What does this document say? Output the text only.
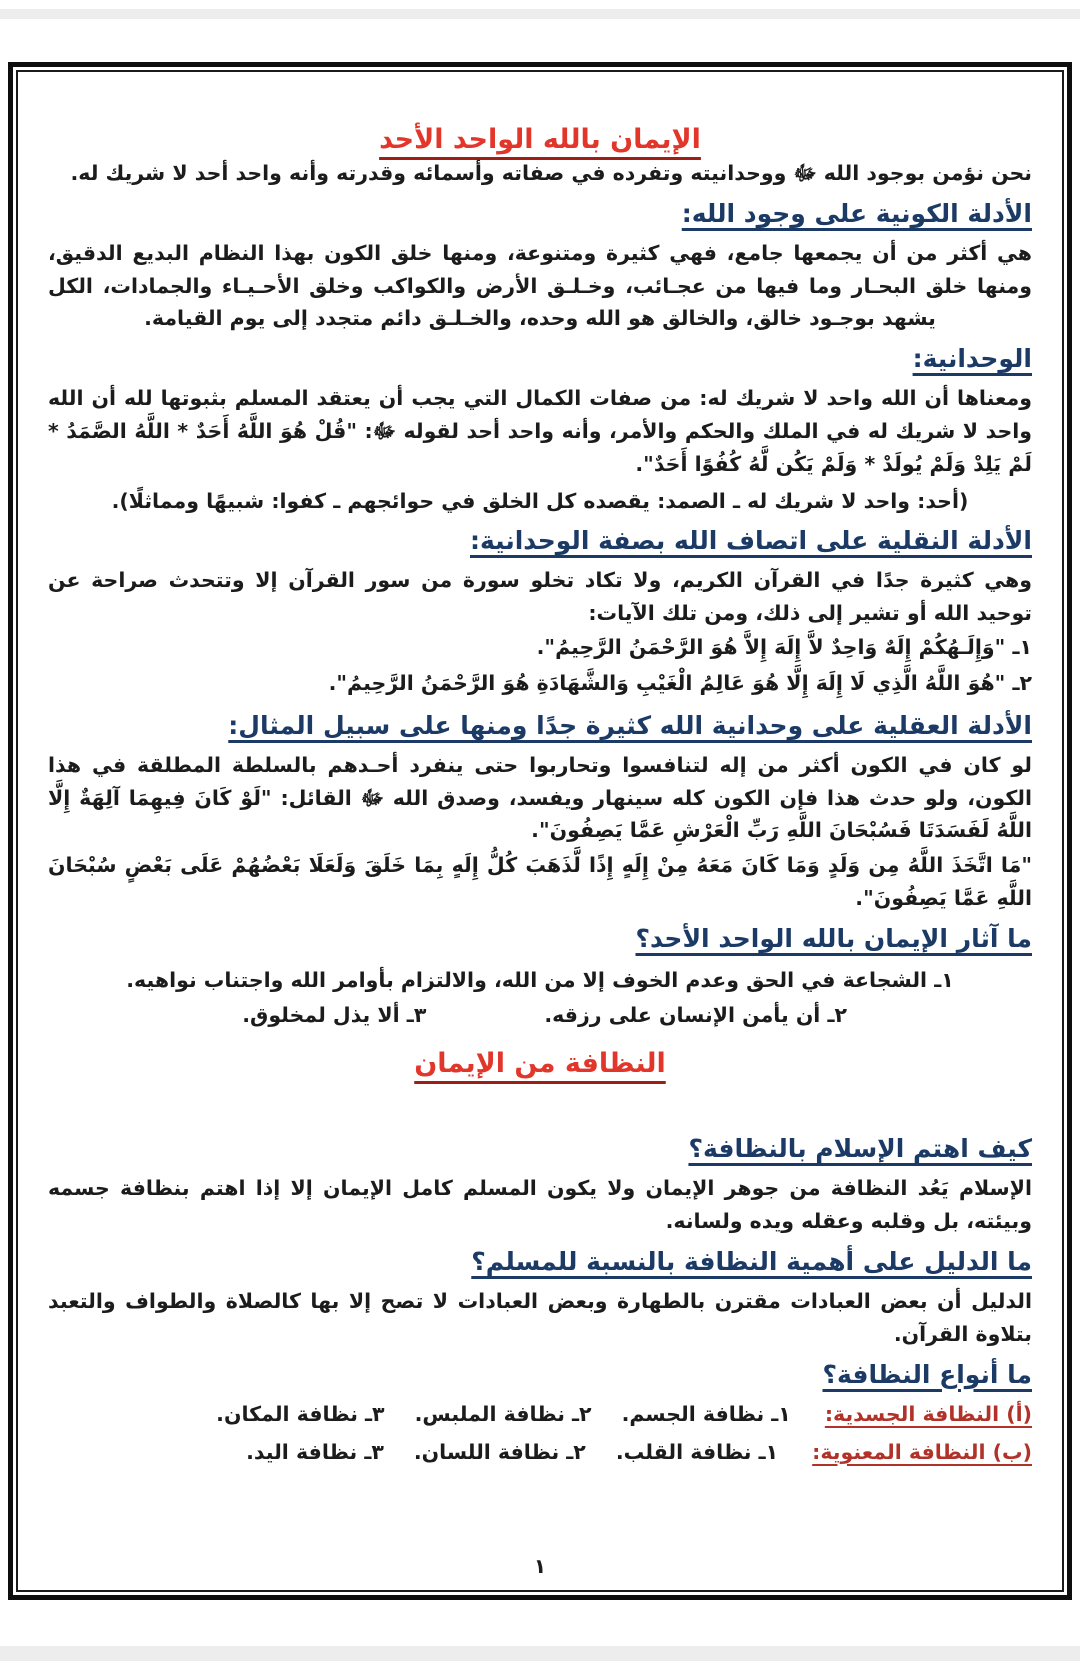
الإيمان بالله الواحد الأحد

نحن نؤمن بوجود الله ﷻ ووحدانيته وتفرده في صفاته وأسمائه وقدرته وأنه واحد أحد لا شريك له.

الأدلة الكونية على وجود الله:

هي أكثر من أن يجمعها جامع، فهي كثيرة ومتنوعة، ومنها خلق الكون بهذا النظام البديع الدقيق، ومنها خلق البحـار وما فيها من عجـائب، وخـلـق الأرض والكواكب وخلق الأحـيـاء والجمادات، الكل يشهد بوجـود خالق، والخالق هو الله وحده، والخـلـق دائم متجدد إلى يوم القيامة.

الوحدانية:

ومعناها أن الله واحد لا شريك له: من صفات الكمال التي يجب أن يعتقد المسلم بثبوتها لله أن الله واحد لا شريك له في الملك والحكم والأمر، وأنه واحد أحد لقوله ﷻ: "قُلْ هُوَ اللَّهُ أَحَدٌ * اللَّهُ الصَّمَدُ * لَمْ يَلِدْ وَلَمْ يُولَدْ * وَلَمْ يَكُن لَّهُ كُفُوًا أَحَدٌ".

(أحد: واحد لا شريك له ـ الصمد: يقصده كل الخلق في حوائجهم ـ كفوا: شبيهًا ومماثلًا).

الأدلة النقلية على اتصاف الله بصفة الوحدانية:

وهي كثيرة جدًا في القرآن الكريم، ولا تكاد تخلو سورة من سور القرآن إلا وتتحدث صراحة عن توحيد الله أو تشير إلى ذلك، ومن تلك الآيات:

١ـ "وَإِلَـهُكُمْ إِلَهٌ وَاحِدٌ لاَّ إِلَهَ إِلاَّ هُوَ الرَّحْمَنُ الرَّحِيمُ".

٢ـ "هُوَ اللَّهُ الَّذِي لَا إِلَهَ إِلَّا هُوَ عَالِمُ الْغَيْبِ وَالشَّهَادَةِ هُوَ الرَّحْمَنُ الرَّحِيمُ".

الأدلة العقلية على وحدانية الله كثيرة جدًا ومنها على سبيل المثال:

لو كان في الكون أكثر من إله لتنافسوا وتحاربوا حتى ينفرد أحـدهم بالسلطة المطلقة في هذا الكون، ولو حدث هذا فإن الكون كله سينهار ويفسد، وصدق الله ﷻ القائل: "لَوْ كَانَ فِيهِمَا آلِهَةٌ إِلَّا اللَّهُ لَفَسَدَتَا فَسُبْحَانَ اللَّهِ رَبِّ الْعَرْشِ عَمَّا يَصِفُونَ".

"مَا اتَّخَذَ اللَّهُ مِن وَلَدٍ وَمَا كَانَ مَعَهُ مِنْ إِلَهٍ إِذًا لَّذَهَبَ كُلُّ إِلَهٍ بِمَا خَلَقَ وَلَعَلَا بَعْضُهُمْ عَلَى بَعْضٍ سُبْحَانَ اللَّهِ عَمَّا يَصِفُونَ".

ما آثار الإيمان بالله الواحد الأحد؟

١ـ الشجاعة في الحق وعدم الخوف إلا من الله، والالتزام بأوامر الله واجتناب نواهيه.

٢ـ أن يأمن الإنسان على رزقه.
٣ـ ألا يذل لمخلوق.
النظافة من الإيمان
كيف اهتم الإسلام بالنظافة؟

الإسلام يَعُد النظافة من جوهر الإيمان ولا يكون المسلم كامل الإيمان إلا إذا اهتم بنظافة جسمه وبيئته، بل وقلبه وعقله ويده ولسانه.

ما الدليل على أهمية النظافة بالنسبة للمسلم؟

الدليل أن بعض العبادات مقترن بالطهارة وبعض العبادات لا تصح إلا بها كالصلاة والطواف والتعبد بتلاوة القرآن.

ما أنواع النظافة؟
(أ) النظافة الجسدية:
١ـ نظافة الجسم.
٢ـ نظافة الملبس.
٣ـ نظافة المكان.
(ب) النظافة المعنوية:
١ـ نظافة القلب.
٢ـ نظافة اللسان.
٣ـ نظافة اليد.
١
